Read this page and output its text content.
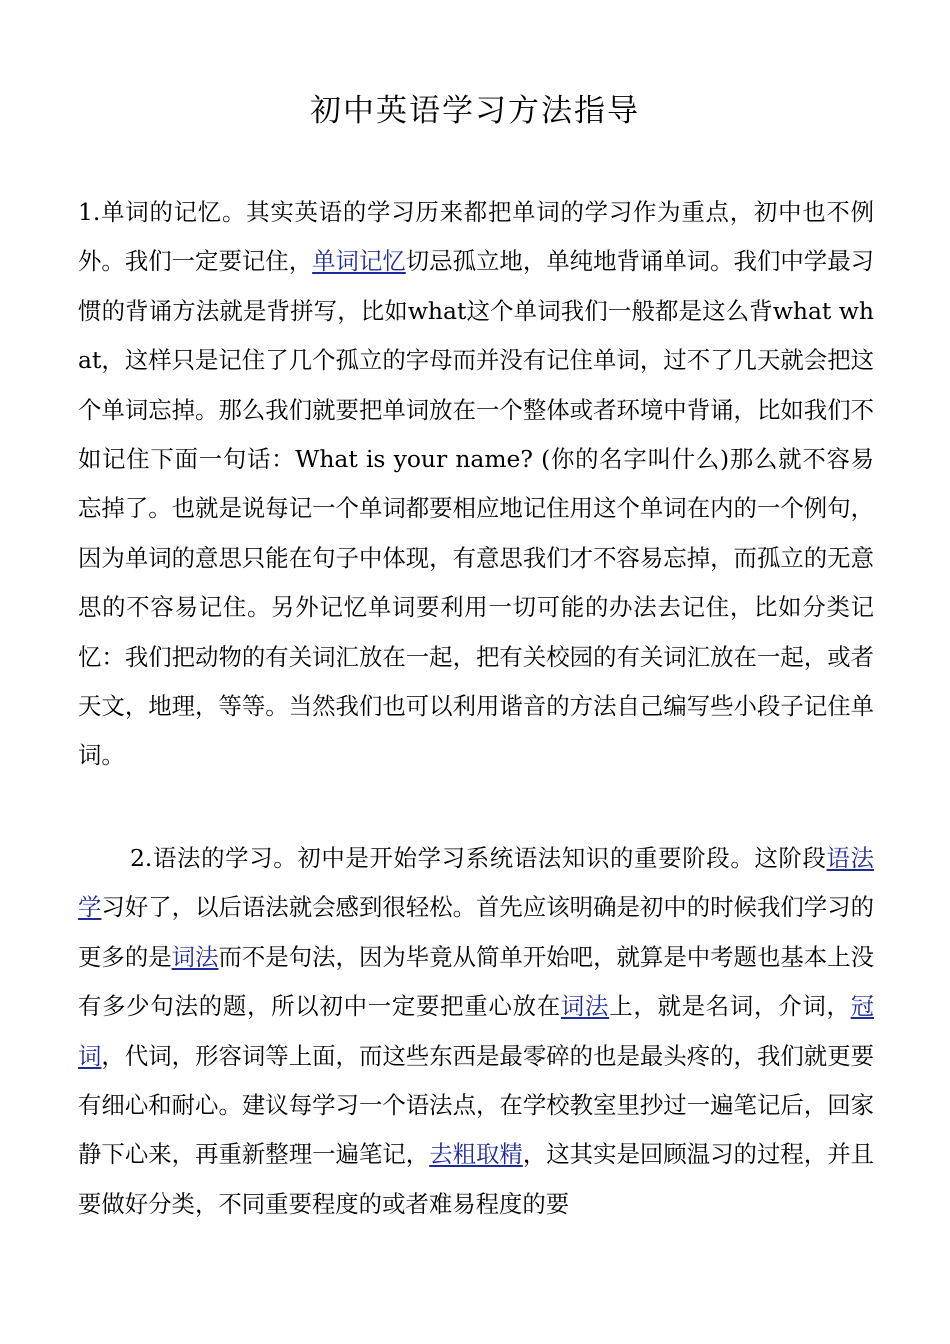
初中英语学习方法指导

1.单词的记忆。其实英语的学习历来都把单词的学习作为重点，初中也不例外。我们一定要记住，单词记忆切忌孤立地，单纯地背诵单词。我们中学最习惯的背诵方法就是背拼写，比如what这个单词我们一般都是这么背what what，这样只是记住了几个孤立的字母而并没有记住单词，过不了几天就会把这个单词忘掉。那么我们就要把单词放在一个整体或者环境中背诵，比如我们不如记住下面一句话：What is your name? (你的名字叫什么)那么就不容易忘掉了。也就是说每记一个单词都要相应地记住用这个单词在内的一个例句，因为单词的意思只能在句子中体现，有意思我们才不容易忘掉，而孤立的无意思的不容易记住。另外记忆单词要利用一切可能的办法去记住，比如分类记忆：我们把动物的有关词汇放在一起，把有关校园的有关词汇放在一起，或者天文，地理，等等。当然我们也可以利用谐音的方法自己编写些小段子记住单词。

2.语法的学习。初中是开始学习系统语法知识的重要阶段。这阶段语法学习好了，以后语法就会感到很轻松。首先应该明确是初中的时候我们学习的更多的是词法而不是句法，因为毕竟从简单开始吧，就算是中考题也基本上没有多少句法的题，所以初中一定要把重心放在词法上，就是名词，介词，冠词，代词，形容词等上面，而这些东西是最零碎的也是最头疼的，我们就更要有细心和耐心。建议每学习一个语法点，在学校教室里抄过一遍笔记后，回家静下心来，再重新整理一遍笔记，去粗取精，这其实是回顾温习的过程，并且要做好分类，不同重要程度的或者难易程度的要
